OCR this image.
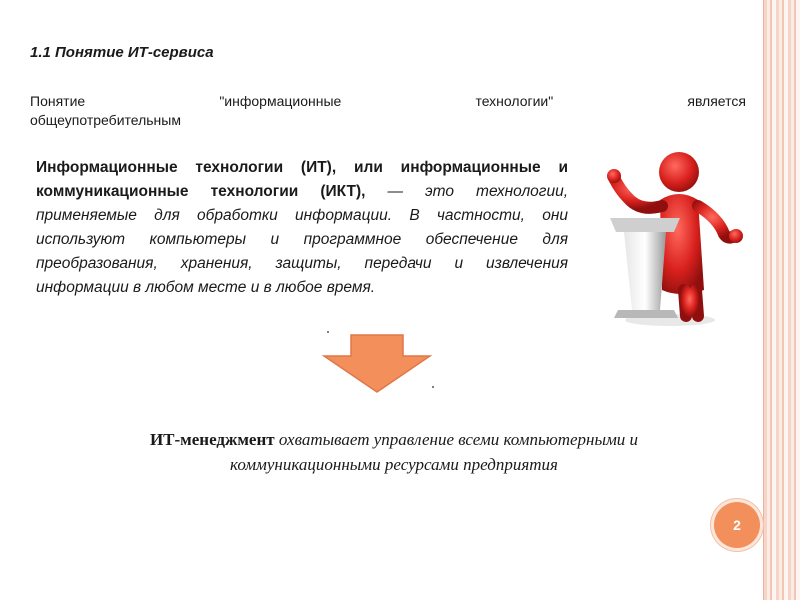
1.1 Понятие ИТ-сервиса
Понятие	"информационные	технологии"	является
общеупотребительным
Информационные технологии (ИТ), или информационные и коммуникационные технологии (ИКТ), — это технологии, применяемые для обработки информации. В частности, они используют компьютеры и программное обеспечение для преобразования, хранения, защиты, передачи и извлечения информации в любом месте и в любое время.
ИТ-менеджмент охватывает управление всеми компьютерными и коммуникационными ресурсами предприятия
2
